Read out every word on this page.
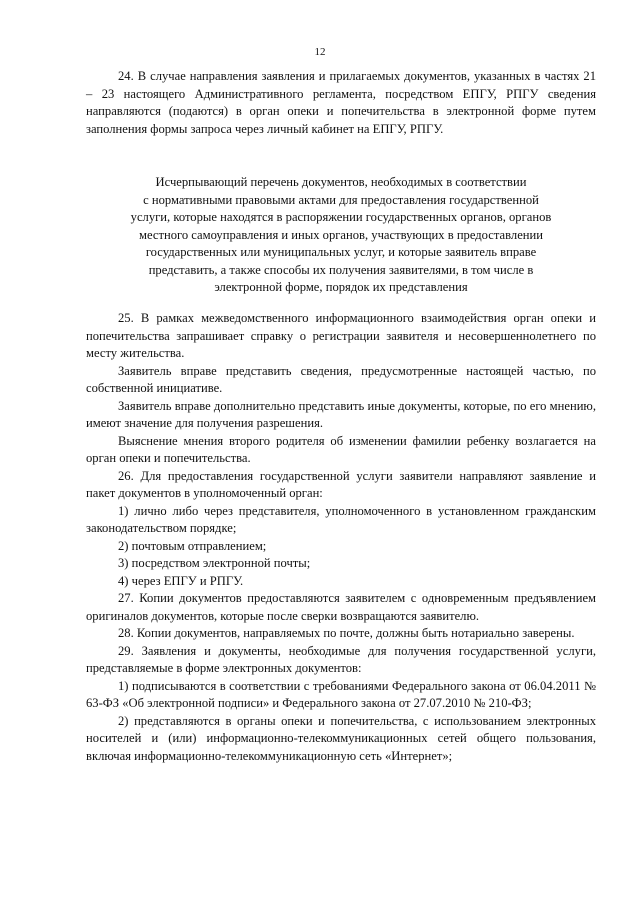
12

24. В случае направления заявления и прилагаемых документов, указанных в частях 21 – 23 настоящего Административного регламента, посредством ЕПГУ, РПГУ сведения направляются (подаются) в орган опеки и попечительства в электронной форме путем заполнения формы запроса через личный кабинет на ЕПГУ, РПГУ.

Исчерпывающий перечень документов, необходимых в соответствии

с нормативными правовыми актами для предоставления государственной

услуги, которые находятся в распоряжении государственных органов, органов

местного самоуправления и иных органов, участвующих в предоставлении

государственных или муниципальных услуг, и которые заявитель вправе

представить, а также способы их получения заявителями, в том числе в

электронной форме, порядок их представления

25. В рамках межведомственного информационного взаимодействия орган опеки и попечительства запрашивает справку о регистрации заявителя и несовершеннолетнего по месту жительства.

Заявитель вправе представить сведения, предусмотренные настоящей частью, по собственной инициативе.

Заявитель вправе дополнительно представить иные документы, которые, по его мнению, имеют значение для получения разрешения.

Выяснение мнения второго родителя об изменении фамилии ребенку возлагается на орган опеки и попечительства.

26. Для предоставления государственной услуги заявители направляют заявление и пакет документов в уполномоченный орган:

1) лично либо через представителя, уполномоченного в установленном гражданским законодательством порядке;

2) почтовым отправлением;

3) посредством электронной почты;

4) через ЕПГУ и РПГУ.

27. Копии документов предоставляются заявителем с одновременным предъявлением оригиналов документов, которые после сверки возвращаются заявителю.

28. Копии документов, направляемых по почте, должны быть нотариально заверены.

29. Заявления и документы, необходимые для получения государственной услуги, представляемые в форме электронных документов:

1) подписываются в соответствии с требованиями Федерального закона от 06.04.2011 № 63-ФЗ «Об электронной подписи» и Федерального закона от 27.07.2010 № 210-ФЗ;

2) представляются в органы опеки и попечительства, с использованием электронных носителей и (или) информационно-телекоммуникационных сетей общего пользования, включая информационно-телекоммуникационную сеть «Интернет»;
